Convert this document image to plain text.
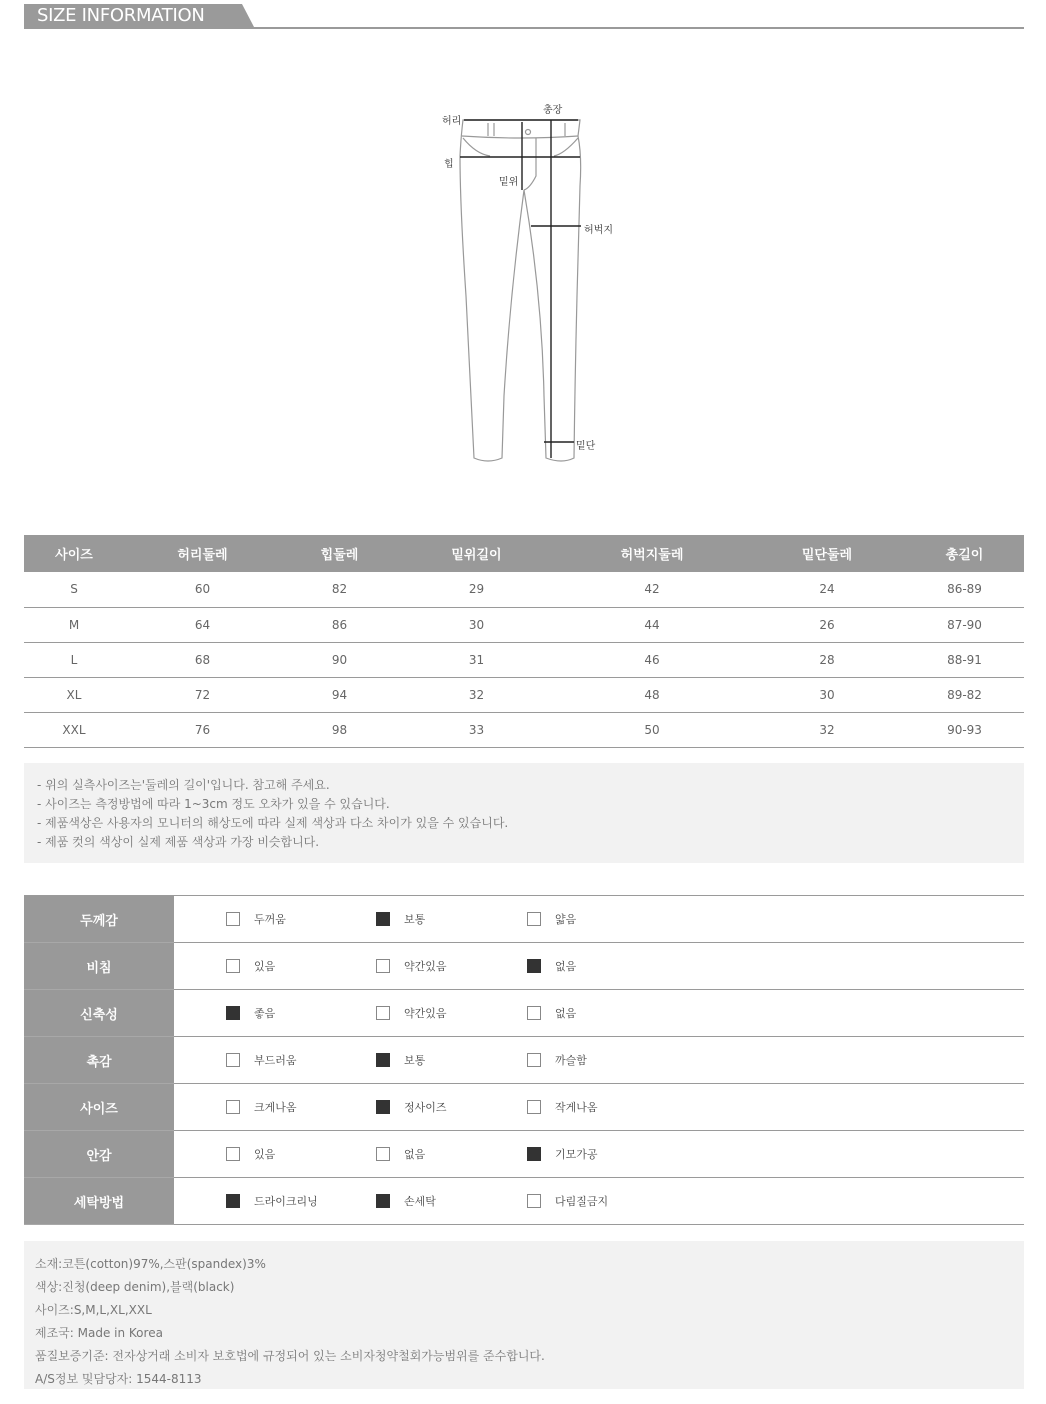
SIZE INFORMATION
허리
총장
힙
밑위
허벅지
밑단
사이즈	허리둘레	힙둘레	밑위길이	허벅지둘레	밑단둘레	총길이
S	60	82	29	42	24	86-89
M	64	86	30	44	26	87-90
L	68	90	31	46	28	88-91
XL	72	94	32	48	30	89-82
XXL	76	98	33	50	32	90-93
- 위의 실측사이즈는'둘레의 길이'입니다. 참고해 주세요.
- 사이즈는 측정방법에 따라 1~3cm 정도 오차가 있을 수 있습니다.
- 제품색상은 사용자의 모니터의 해상도에 따라 실제 색상과 다소 차이가 있을 수 있습니다.
- 제품 컷의 색상이 실제 제품 색상과 가장 비슷합니다.
두께감	두꺼움 보통 얇음

비침	있음 약간있음 없음

신축성	좋음 약간있음 없음

촉감	부드러움 보통 까슬함

사이즈	크게나옴 정사이즈 작게나옴

안감	있음 없음 기모가공

세탁방법	드라이크리닝 손세탁 다림질금지
소재:코튼(cotton)97%,스판(spandex)3%
색상:진청(deep denim),블랙(black)
사이즈:S,M,L,XL,XXL
제조국: Made in Korea
품질보증기준: 전자상거래 소비자 보호법에 규정되어 있는 소비자청약철회가능범위를 준수합니다.
A/S정보 및담당자: 1544-8113
